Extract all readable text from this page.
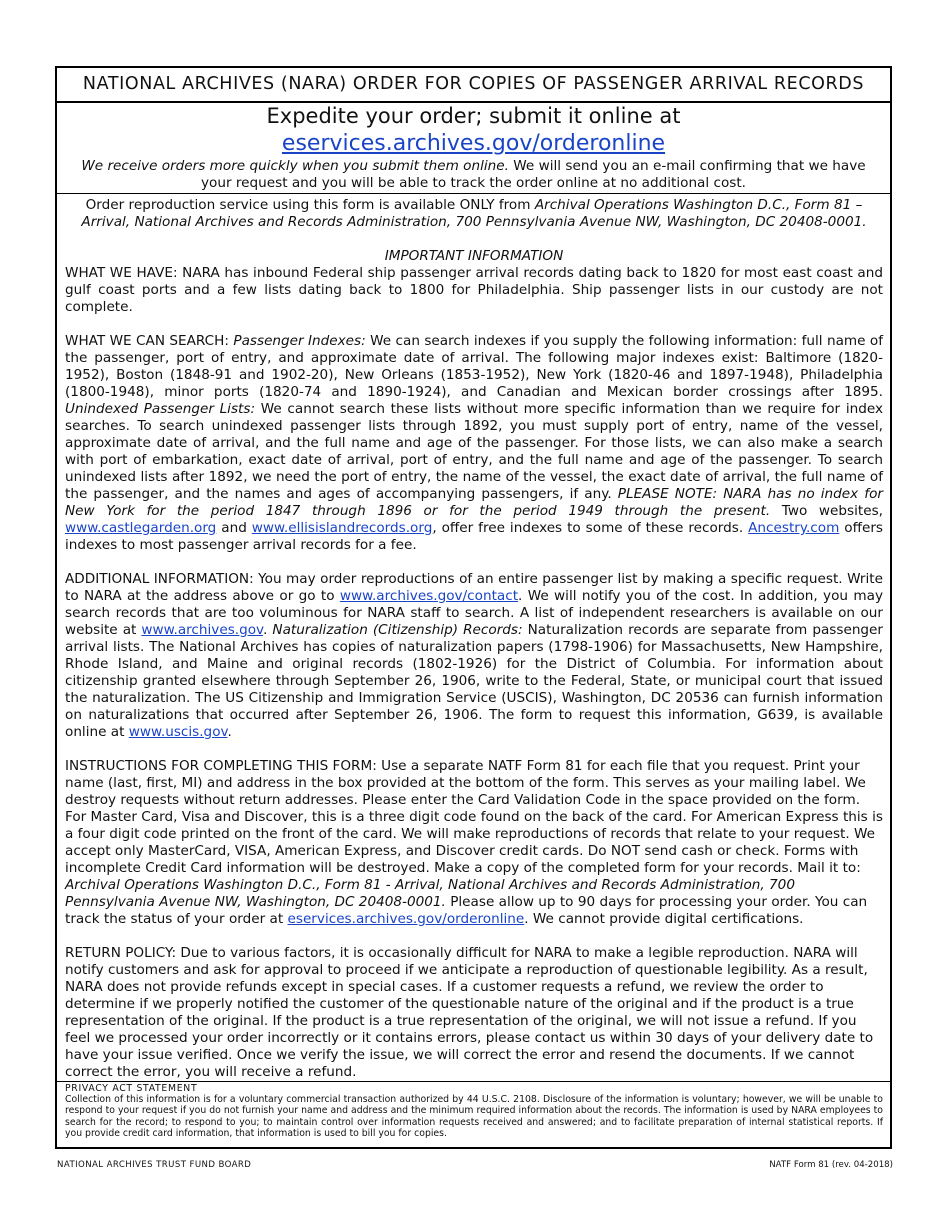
NATIONAL ARCHIVES (NARA) ORDER FOR COPIES OF PASSENGER ARRIVAL RECORDS
Expedite your order; submit it online at
eservices.archives.gov/orderonline
We receive orders more quickly when you submit them online. We will send you an e-mail confirming that we have your request and you will be able to track the order online at no additional cost.

Order reproduction service using this form is available ONLY from Archival Operations Washington D.C., Form 81 – Arrival, National Archives and Records Administration, 700 Pennsylvania Avenue NW, Washington, DC 20408-0001.

IMPORTANT INFORMATION

WHAT WE HAVE: NARA has inbound Federal ship passenger arrival records dating back to 1820 for most east coast and gulf coast ports and a few lists dating back to 1800 for Philadelphia. Ship passenger lists in our custody are not complete.

WHAT WE CAN SEARCH: Passenger Indexes: We can search indexes if you supply the following information: full name of the passenger, port of entry, and approximate date of arrival. The following major indexes exist: Baltimore (1820-1952), Boston (1848-91 and 1902-20), New Orleans (1853-1952), New York (1820-46 and 1897-1948), Philadelphia (1800-1948), minor ports (1820-74 and 1890-1924), and Canadian and Mexican border crossings after 1895. Unindexed Passenger Lists: We cannot search these lists without more specific information than we require for index searches. To search unindexed passenger lists through 1892, you must supply port of entry, name of the vessel, approximate date of arrival, and the full name and age of the passenger. For those lists, we can also make a search with port of embarkation, exact date of arrival, port of entry, and the full name and age of the passenger. To search unindexed lists after 1892, we need the port of entry, the name of the vessel, the exact date of arrival, the full name of the passenger, and the names and ages of accompanying passengers, if any. PLEASE NOTE: NARA has no index for New York for the period 1847 through 1896 or for the period 1949 through the present. Two websites, www.castlegarden.org and www.ellisislandrecords.org, offer free indexes to some of these records. Ancestry.com offers indexes to most passenger arrival records for a fee.

ADDITIONAL INFORMATION: You may order reproductions of an entire passenger list by making a specific request. Write to NARA at the address above or go to www.archives.gov/contact. We will notify you of the cost. In addition, you may search records that are too voluminous for NARA staff to search. A list of independent researchers is available on our website at www.archives.gov. Naturalization (Citizenship) Records: Naturalization records are separate from passenger arrival lists. The National Archives has copies of naturalization papers (1798-1906) for Massachusetts, New Hampshire, Rhode Island, and Maine and original records (1802-1926) for the District of Columbia. For information about citizenship granted elsewhere through September 26, 1906, write to the Federal, State, or municipal court that issued the naturalization. The US Citizenship and Immigration Service (USCIS), Washington, DC 20536 can furnish information on naturalizations that occurred after September 26, 1906. The form to request this information, G639, is available online at www.uscis.gov.

INSTRUCTIONS FOR COMPLETING THIS FORM: Use a separate NATF Form 81 for each file that you request. Print your name (last, first, MI) and address in the box provided at the bottom of the form. This serves as your mailing label. We destroy requests without return addresses. Please enter the Card Validation Code in the space provided on the form. For Master Card, Visa and Discover, this is a three digit code found on the back of the card. For American Express this is a four digit code printed on the front of the card. We will make reproductions of records that relate to your request. We accept only MasterCard, VISA, American Express, and Discover credit cards. Do NOT send cash or check. Forms with incomplete Credit Card information will be destroyed. Make a copy of the completed form for your records. Mail it to: Archival Operations Washington D.C., Form 81 - Arrival, National Archives and Records Administration, 700 Pennsylvania Avenue NW, Washington, DC 20408-0001. Please allow up to 90 days for processing your order. You can track the status of your order at eservices.archives.gov/orderonline. We cannot provide digital certifications.

RETURN POLICY: Due to various factors, it is occasionally difficult for NARA to make a legible reproduction. NARA will notify customers and ask for approval to proceed if we anticipate a reproduction of questionable legibility. As a result, NARA does not provide refunds except in special cases. If a customer requests a refund, we review the order to determine if we properly notified the customer of the questionable nature of the original and if the product is a true representation of the original. If the product is a true representation of the original, we will not issue a refund. If you feel we processed your order incorrectly or it contains errors, please contact us within 30 days of your delivery date to have your issue verified. Once we verify the issue, we will correct the error and resend the documents. If we cannot correct the error, you will receive a refund.

PRIVACY ACT STATEMENT
Collection of this information is for a voluntary commercial transaction authorized by 44 U.S.C. 2108. Disclosure of the information is voluntary; however, we will be unable to respond to your request if you do not furnish your name and address and the minimum required information about the records. The information is used by NARA employees to search for the record; to respond to you; to maintain control over information requests received and answered; and to facilitate preparation of internal statistical reports. If you provide credit card information, that information is used to bill you for copies.
NATIONAL ARCHIVES TRUST FUND BOARD	NATF Form 81 (rev. 04-2018)
